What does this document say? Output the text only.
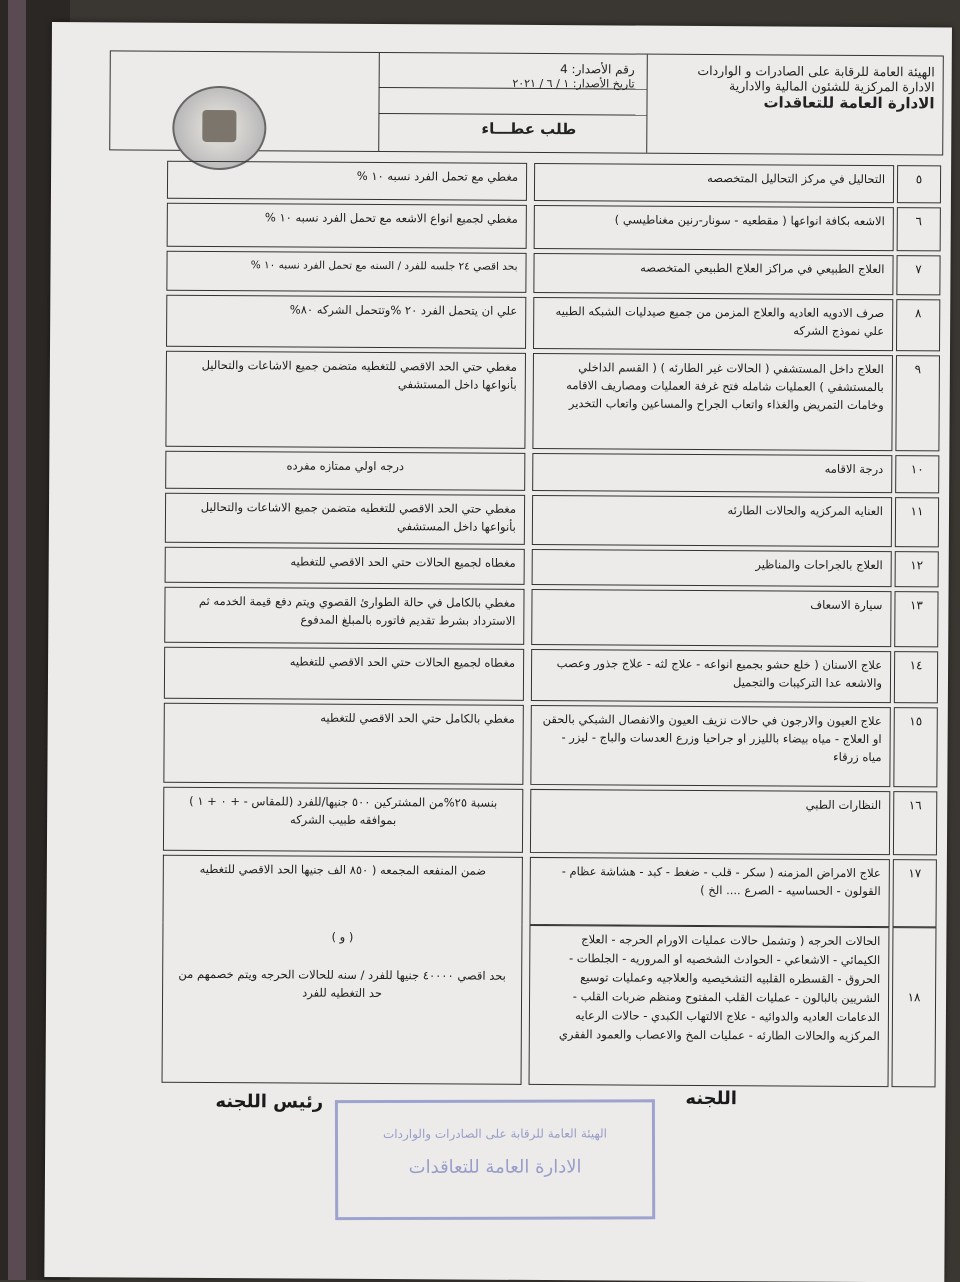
الهيئة العامة للرقابة على الصادرات و الواردات
الادارة المركزية للشئون المالية والادارية
الادارة العامة للتعاقدات
رقم الأصدار: 4
تاريخ الأصدار: ١ / ٦ / ٢٠٢١
طلب عطـــاء
٥
التحاليل في مركز التحاليل المتخصصه
مغطي مع تحمل الفرد نسبه ١٠ %
٦
الاشعه بكافة انواعها ( مقطعيه - سونار-رنين مغناطيسي )
مغطي لجميع انواع الاشعه مع تحمل الفرد نسبه ١٠ %
٧
العلاج الطبيعي في مراكز العلاج الطبيعي المتخصصه
بحد اقصي ٢٤ جلسه للفرد / السنه مع تحمل الفرد نسبه ١٠ %
٨
صرف الادويه العاديه والعلاج المزمن من جميع صيدليات الشبكه الطبيه علي نموذج الشركه
علي ان يتحمل الفرد ٢٠ %وتتحمل الشركه ٨٠%
٩
العلاج داخل المستشفي ( الحالات غير الطارئه ) ( القسم الداخلي بالمستشفي ) العمليات شامله فتح غرفة العمليات ومصاريف الاقامه وخامات التمريض والغذاء واتعاب الجراح والمساعين واتعاب التخدير
مغطي حتي الحد الاقصي للتغطيه متضمن جميع الاشاعات والتحاليل بأنواعها داخل المستشفي
١٠
درجة الاقامه
درجه اولي ممتازه مفرده
١١
العنايه المركزيه والحالات الطارئه
مغطي حتي الحد الاقصي للتغطيه متضمن جميع الاشاعات والتحاليل بأنواعها داخل المستشفي
١٢
العلاج بالجراحات والمناظير
مغطاه لجميع الحالات حتي الحد الاقصي للتغطيه
١٣
سيارة الاسعاف
مغطي بالكامل في حالة الطوارئ القصوي ويتم دفع قيمة الخدمه ثم الاسترداد بشرط تقديم فاتوره بالمبلغ المدفوع
١٤
علاج الاسنان ( خلع حشو بجميع انواعه - علاج لثه - علاج جذور وعصب والاشعه عدا التركيبات والتجميل
مغطاه لجميع الحالات حتي الحد الاقصي للتغطيه
١٥
علاج العيون والارجون في حالات نزيف العيون والانفصال الشبكي بالحقن او العلاج - مياه بيضاء بالليزر او جراحيا وزرع العدسات والباج - ليزر - مياه زرقاء
مغطي بالكامل حتي الحد الاقصي للتغطيه
١٦
النظارات الطبي
بنسبة ٢٥%من المشتركين ٥٠٠ جنيها/للفرد (للمقاس - + ٠ + ١ ) بموافقه طبيب الشركه
١٧
علاج الامراض المزمنه ( سكر - قلب - ضغط - كبد - هشاشة عظام - القولون - الحساسيه - الصرع .... الخ )
ضمن المنفعه المجمعه ( ٨٥٠ الف جنيها الحد الاقصي للتغطيه
١٨
الحالات الحرجه ( وتشمل حالات عمليات الاورام الحرجه - العلاج الكيمائي - الاشعاعي - الحوادث الشخصيه او المروريه - الجلطات - الحروق - القسطره القلبيه التشخيصيه والعلاجيه وعمليات توسيع الشريين بالبالون - عمليات القلب المفتوح ومنظم ضربات القلب - الدعامات العاديه والدوائيه - علاج الالتهاب الكبدي - حالات الرعايه المركزيه والحالات الطارئه - عمليات المخ والاعصاب والعمود الفقري
( و )
بحد اقصي ٤٠٠٠٠ جنيها للفرد / سنه للحالات الحرجه ويتم خصمهم من حد التغطيه للفرد
اللجنه
رئيس اللجنه
الهيئة العامة للرقابة على الصادرات والواردات
الادارة العامة للتعاقدات
